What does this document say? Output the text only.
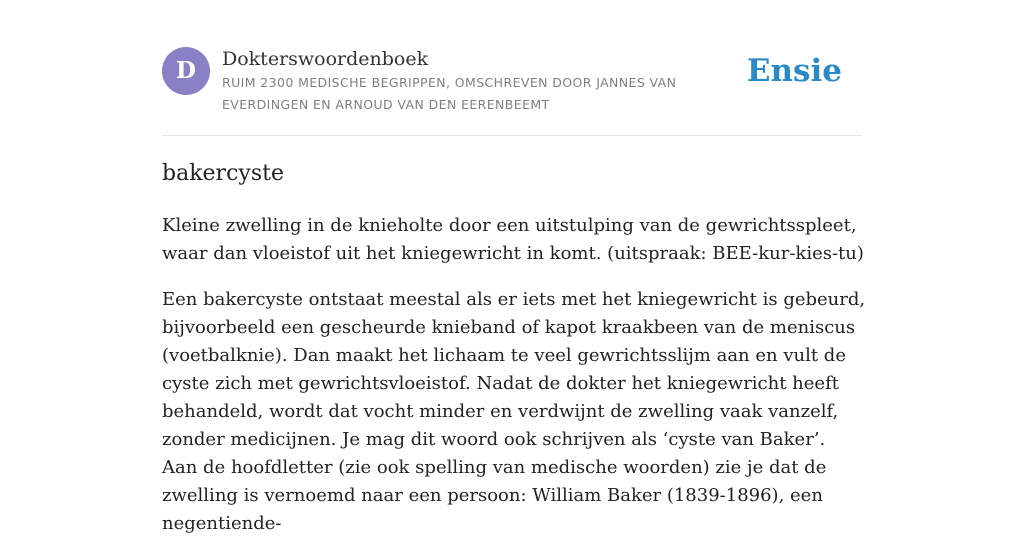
D	Dokterswoordenboek
RUIM 2300 MEDISCHE BEGRIPPEN, OMSCHREVEN DOOR JANNES VAN EVERDINGEN EN ARNOUD VAN DEN EERENBEEMT
Ensie
bakercyste

Kleine zwelling in de knieholte door een uitstulping van de gewrichtsspleet, waar dan vloeistof uit het kniegewricht in komt. (uitspraak: BEE-kur-kies-tu)

Een bakercyste ontstaat meestal als er iets met het kniegewricht is gebeurd, bijvoorbeeld een gescheurde knieband of kapot kraakbeen van de meniscus (voetbalknie). Dan maakt het lichaam te veel gewrichtsslijm aan en vult de cyste zich met gewrichtsvloeistof. Nadat de dokter het kniegewricht heeft behandeld, wordt dat vocht minder en verdwijnt de zwelling vaak vanzelf, zonder medicijnen. Je mag dit woord ook schrijven als ‘cyste van Baker’. Aan de hoofdletter (zie ook spelling van medische woorden) zie je dat de zwelling is vernoemd naar een persoon: William Baker (1839-1896), een negentiende-
